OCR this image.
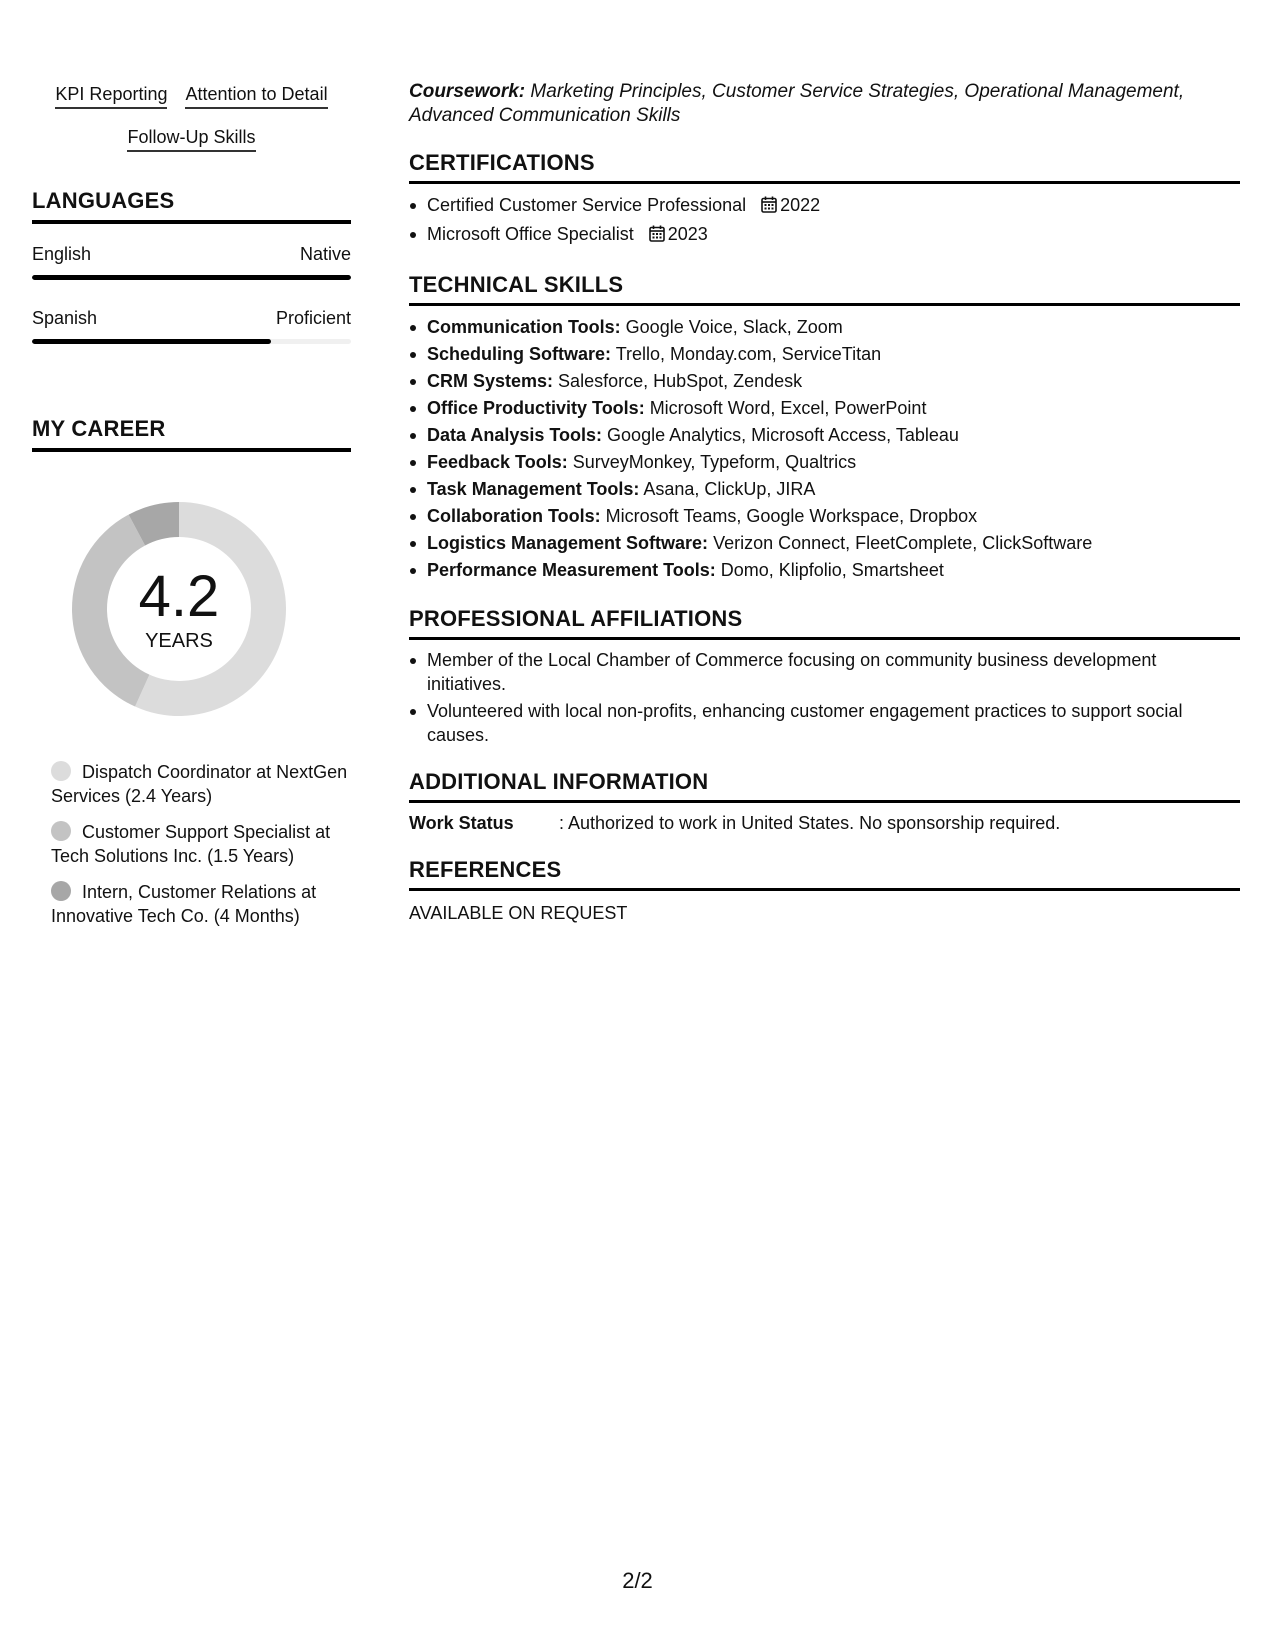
KPI Reporting Attention to Detail
Follow-Up Skills
LANGUAGES
English	Native
Spanish	Proficient
MY CAREER
4.2
YEARS
Dispatch Coordinator at NextGen Services (2.4 Years)
Customer Support Specialist at Tech Solutions Inc. (1.5 Years)
Intern, Customer Relations at Innovative Tech Co. (4 Months)
Coursework: Marketing Principles, Customer Service Strategies, Operational Management, Advanced Communication Skills
CERTIFICATIONS
Certified Customer Service Professional 2022
Microsoft Office Specialist 2023
TECHNICAL SKILLS
Communication Tools: Google Voice, Slack, Zoom
Scheduling Software: Trello, Monday.com, ServiceTitan
CRM Systems: Salesforce, HubSpot, Zendesk
Office Productivity Tools: Microsoft Word, Excel, PowerPoint
Data Analysis Tools: Google Analytics, Microsoft Access, Tableau
Feedback Tools: SurveyMonkey, Typeform, Qualtrics
Task Management Tools: Asana, ClickUp, JIRA
Collaboration Tools: Microsoft Teams, Google Workspace, Dropbox
Logistics Management Software: Verizon Connect, FleetComplete, ClickSoftware
Performance Measurement Tools: Domo, Klipfolio, Smartsheet
PROFESSIONAL AFFILIATIONS
Member of the Local Chamber of Commerce focusing on community business development initiatives.
Volunteered with local non-profits, enhancing customer engagement practices to support social causes.
ADDITIONAL INFORMATION
Work Status	: Authorized to work in United States. No sponsorship required.
REFERENCES
AVAILABLE ON REQUEST
2/2
